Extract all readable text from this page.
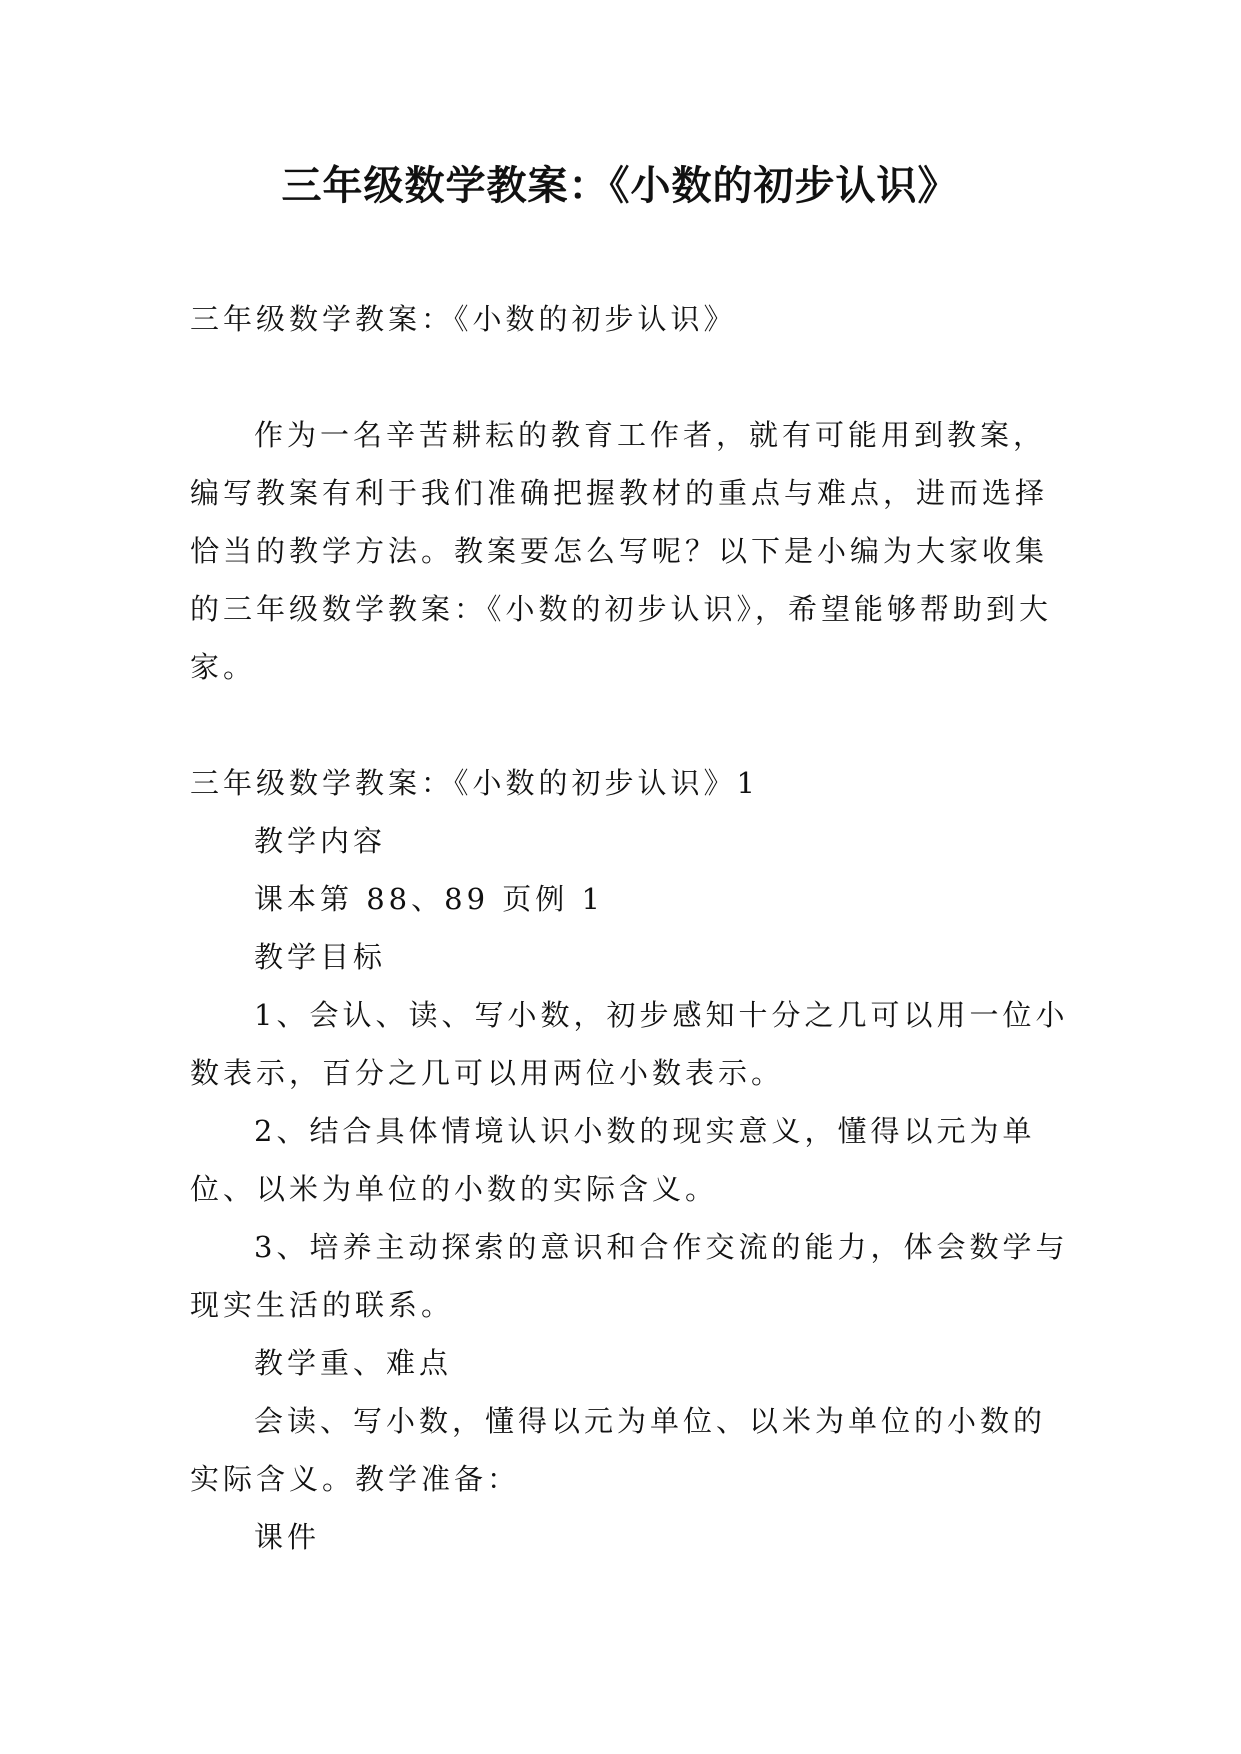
三年级数学教案：《小数的初步认识》

三年级数学教案：《小数的初步认识》

作为一名辛苦耕耘的教育工作者，就有可能用到教案，编写教案有利于我们准确把握教材的重点与难点，进而选择恰当的教学方法。教案要怎么写呢？以下是小编为大家收集的三年级数学教案：《小数的初步认识》，希望能够帮助到大家。

三年级数学教案：《小数的初步认识》1

教学内容

课本第 88、89 页例 1

教学目标

1、会认、读、写小数，初步感知十分之几可以用一位小数表示，百分之几可以用两位小数表示。

2、结合具体情境认识小数的现实意义，懂得以元为单位、以米为单位的小数的实际含义。

3、培养主动探索的意识和合作交流的能力，体会数学与现实生活的联系。

教学重、难点

会读、写小数，懂得以元为单位、以米为单位的小数的实际含义。教学准备：

课件
